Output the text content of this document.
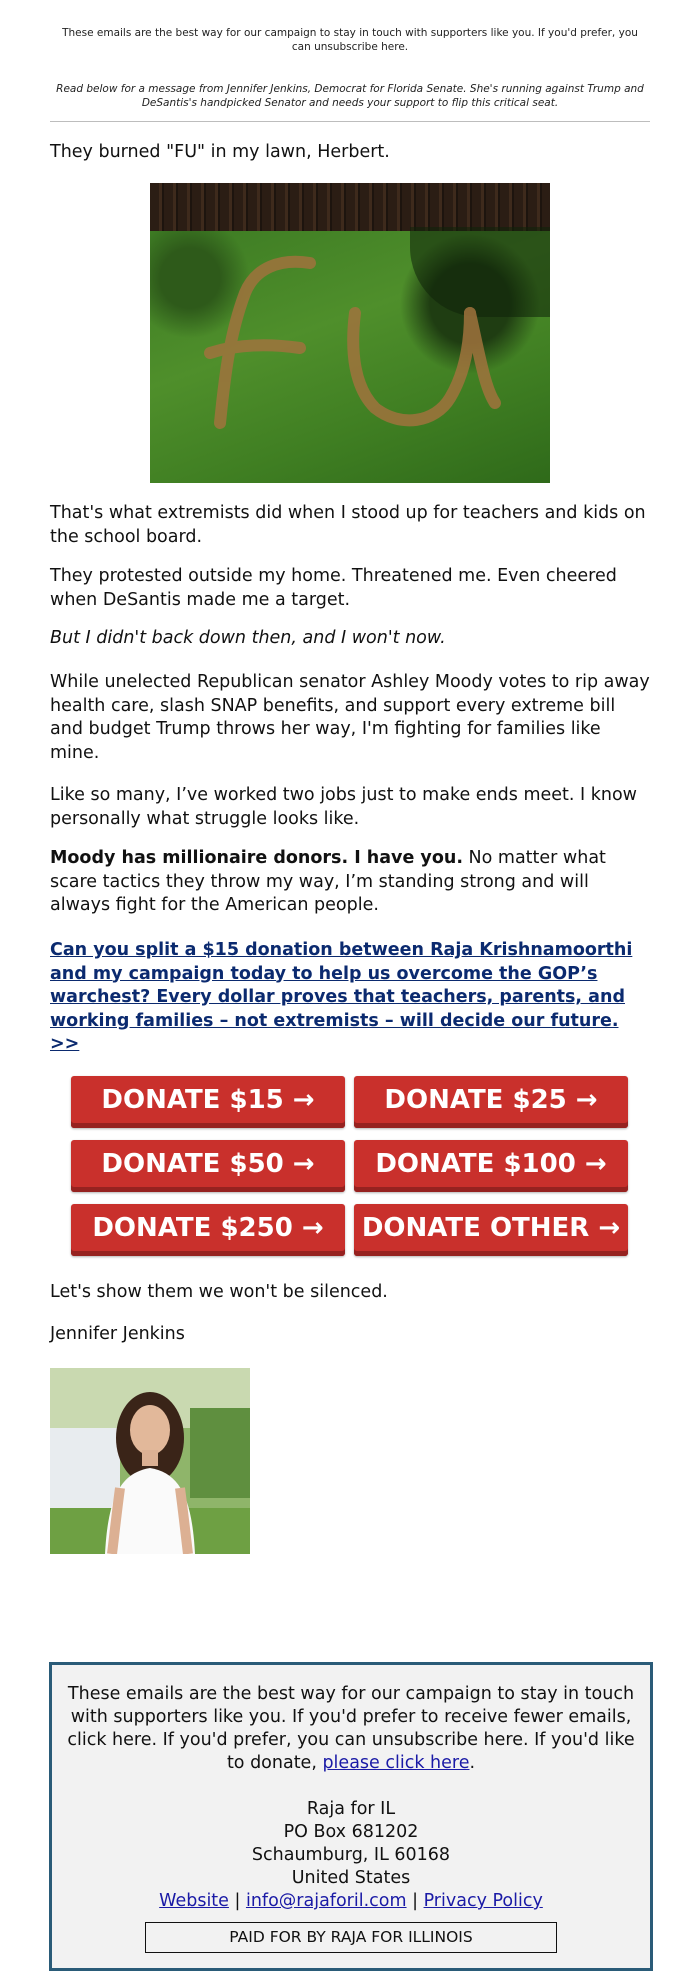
These emails are the best way for our campaign to stay in touch with supporters like you. If you'd prefer, you can unsubscribe here.
Read below for a message from Jennifer Jenkins, Democrat for Florida Senate. She's running against Trump and DeSantis's handpicked Senator and needs your support to flip this critical seat.

They burned "FU" in my lawn, Herbert.

That's what extremists did when I stood up for teachers and kids on the school board.

They protested outside my home. Threatened me. Even cheered when DeSantis made me a target.

But I didn't back down then, and I won't now.

While unelected Republican senator Ashley Moody votes to rip away health care, slash SNAP benefits, and support every extreme bill and budget Trump throws her way, I'm fighting for families like mine.

Like so many, I’ve worked two jobs just to make ends meet. I know personally what struggle looks like.

Moody has millionaire donors. I have you. No matter what scare tactics they throw my way, I’m standing strong and will always fight for the American people.

Can you split a $15 donation between Raja Krishnamoorthi and my campaign today to help us overcome the GOP’s warchest? Every dollar proves that teachers, parents, and working families – not extremists – will decide our future. >>

DONATE $15 →	DONATE $25 →
DONATE $50 →	DONATE $100 →
DONATE $250 →	DONATE OTHER →

Let's show them we won't be silenced.

Jennifer Jenkins

These emails are the best way for our campaign to stay in touch with supporters like you. If you'd prefer to receive fewer emails, click here. If you'd prefer, you can unsubscribe here. If you'd like to donate, please click here.
Raja for IL
PO Box 681202
Schaumburg, IL 60168
United States
Website | info@rajaforil.com | Privacy Policy
PAID FOR BY RAJA FOR ILLINOIS
